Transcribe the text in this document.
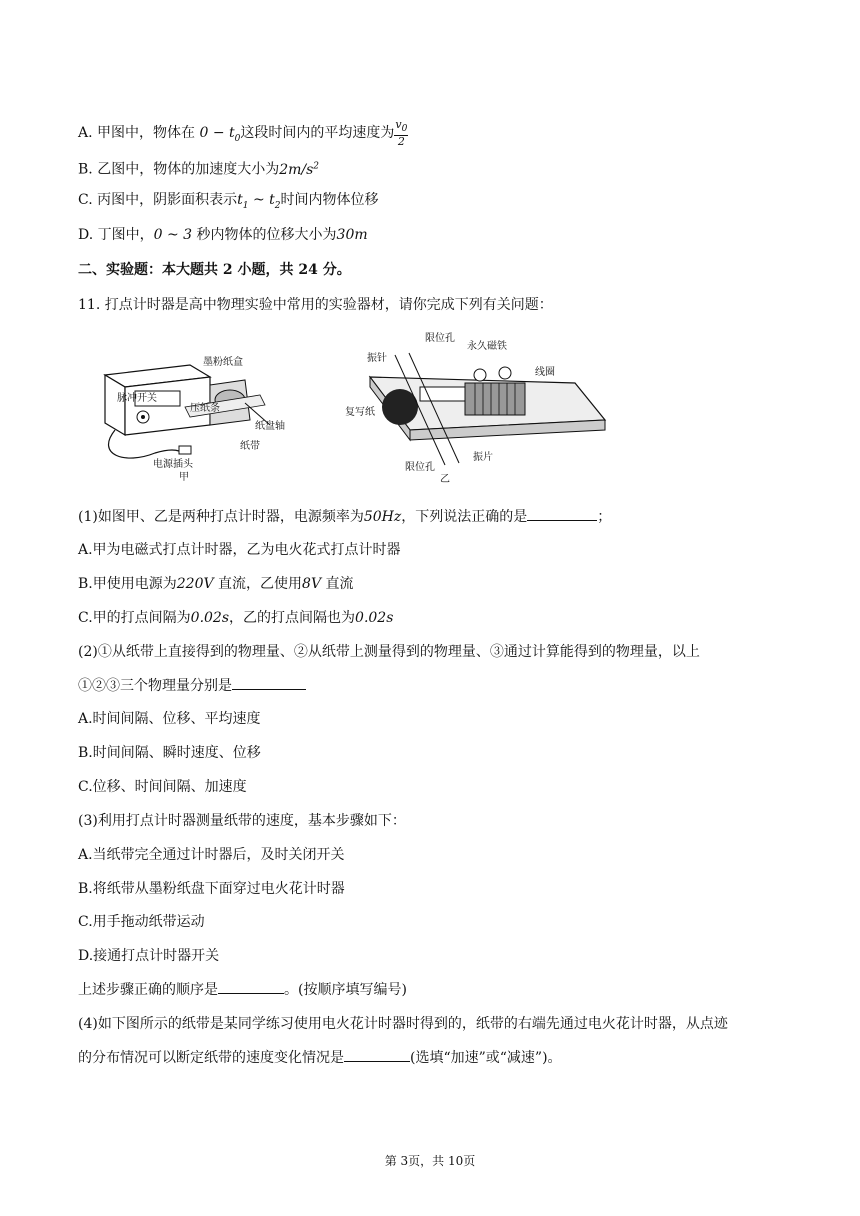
A. 甲图中，物体在 $0 - t_0$这段时间内的平均速度为 $\frac{v_0}{2}$
B. 乙图中，物体的加速度大小为$2m/s^2$
C. 丙图中，阴影面积表示$t_1$ ~ $t_2$时间内物体位移
D. 丁图中，0 ~ 3 秒内物体的位移大小为30m
二、实验题：本大题共 2 小题，共 24 分。
11. 打点计时器是高中物理实验中常用的实验器材，请你完成下列有关问题：
脉冲开关
墨粉纸盒
压纸条
纸盘轴
纸带
电源插头
甲
限位孔
永久磁铁
振针
线圈
复写纸
限位孔
振片
乙
(1)如图甲、乙是两种打点计时器，电源频率为50Hz，下列说法正确的是	；
A.甲为电磁式打点计时器，乙为电火花式打点计时器
B.甲使用电源为220V 直流，乙使用8V 直流
C.甲的打点间隔为0.02s，乙的打点间隔也为0.02s
(2)①从纸带上直接得到的物理量、②从纸带上测量得到的物理量、③通过计算能得到的物理量，以上
①②③三个物理量分别是
A.时间间隔、位移、平均速度
B.时间间隔、瞬时速度、位移
C.位移、时间间隔、加速度
(3)利用打点计时器测量纸带的速度，基本步骤如下：
A.当纸带完全通过计时器后，及时关闭开关
B.将纸带从墨粉纸盘下面穿过电火花计时器
C.用手拖动纸带运动
D.接通打点计时器开关
上述步骤正确的顺序是	。(按顺序填写编号)
(4)如下图所示的纸带是某同学练习使用电火花计时器时得到的，纸带的右端先通过电火花计时器，从点迹
的分布情况可以断定纸带的速度变化情况是	(选填“加速”或“减速”)。
第 3页，共 10页
